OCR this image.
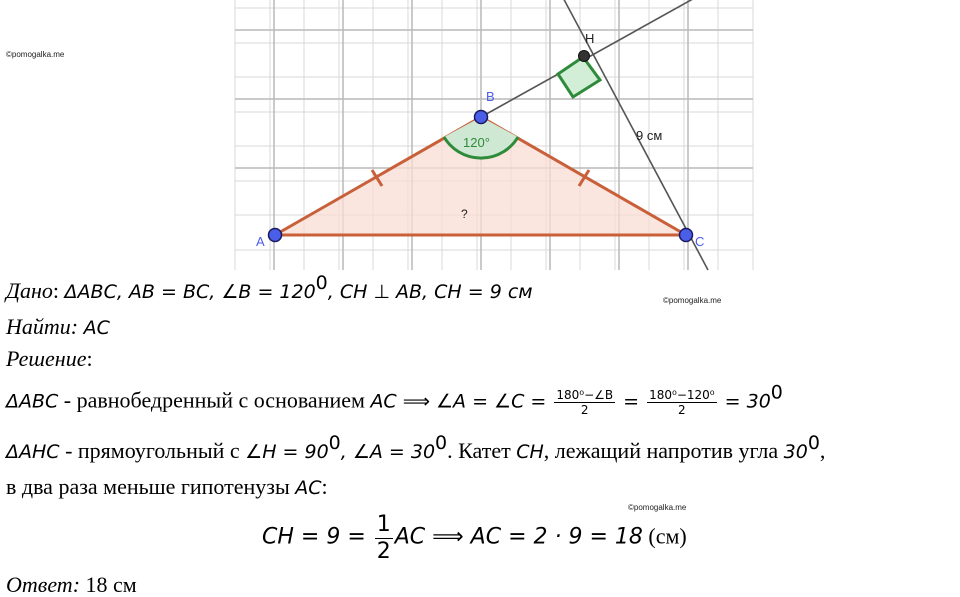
©pomogalka.me
©pomogalka.me
©pomogalka.me
A
B
C
H
120°	9 см
?
Дано: ΔABC, AB = BC, ∠B = $120^0$, CH ⊥ AB, CH = 9 см
Найти: AC
Решение:
ΔABC - равнобедренный с основанием AC ⟹ ∠A = ∠C = $\frac{\text{180⁰−∠B}}{2} = \frac{\text{180⁰−120⁰}}{2} = 30^0$
ΔAHC - прямоугольный с ∠H = $90^0$, ∠A = $30^0$. Катет CH, лежащий напротив угла $30^0$,
в два раза меньше гипотенузы AC:
CH = $9 = \frac{1}{2}$ AC ⟹ AC = 2 · 9 = 18 (см)
Ответ: 18 см
